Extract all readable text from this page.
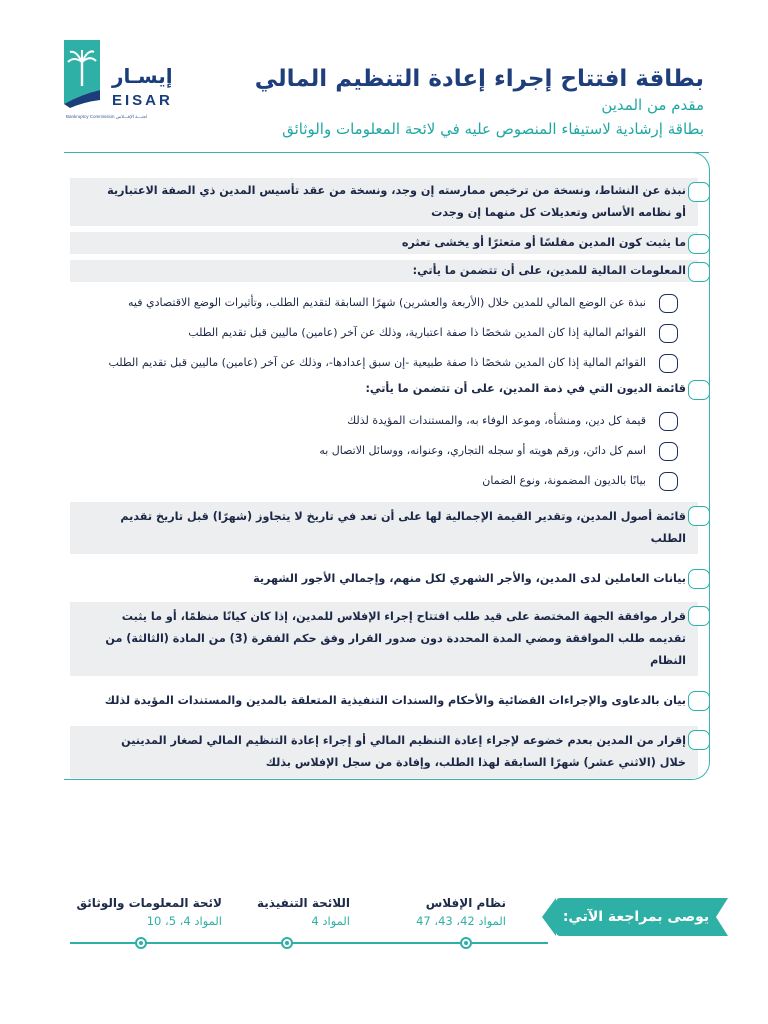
إيسـار
EISAR
Bankruptcy Commission لجنـــة الإفـــلاس
بطاقة افتتاح إجراء إعادة التنظيم المالي
مقدم من المدين
بطاقة إرشادية لاستيفاء المنصوص عليه في لائحة المعلومات والوثائق
نبذة عن النشاط، ونسخة من ترخيص ممارسته إن وجد، ونسخة من عقد تأسيس المدين ذي الصفة الاعتبارية أو نظامه الأساس وتعديلات كل منهما إن وجدت
ما يثبت كون المدين مفلسًا أو متعثرًا أو يخشى تعثره
المعلومات المالية للمدين، على أن تتضمن ما يأتي:
نبذة عن الوضع المالي للمدين خلال (الأربعة والعشرين) شهرًا السابقة لتقديم الطلب، وتأثيرات الوضع الاقتصادي فيه
القوائم المالية إذا كان المدين شخصًا ذا صفة اعتبارية، وذلك عن آخر (عامين) ماليين قبل تقديم الطلب
القوائم المالية إذا كان المدين شخصًا ذا صفة طبيعية -إن سبق إعدادها-، وذلك عن آخر (عامين) ماليين قبل تقديم الطلب
قائمة الديون التي في ذمة المدين، على أن تتضمن ما يأتي:
قيمة كل دين، ومنشأه، وموعد الوفاء به، والمستندات المؤيدة لذلك
اسم كل دائن، ورقم هويته أو سجله التجاري، وعنوانه، ووسائل الاتصال به
بيانًا بالديون المضمونة، ونوع الضمان
قائمة أصول المدين، وتقدير القيمة الإجمالية لها على أن تعد في تاريخ لا يتجاوز (شهرًا) قبل تاريخ تقديم الطلب
بيانات العاملين لدى المدين، والأجر الشهري لكل منهم، وإجمالي الأجور الشهرية
قرار موافقة الجهة المختصة على قيد طلب افتتاح إجراء الإفلاس للمدين، إذا كان كيانًا منظمًا، أو ما يثبت تقديمه طلب الموافقة ومضي المدة المحددة دون صدور القرار وفق حكم الفقرة (3) من المادة (الثالثة) من النظام
بيان بالدعاوى والإجراءات القضائية والأحكام والسندات التنفيذية المتعلقة بالمدين والمستندات المؤيدة لذلك
إقرار من المدين بعدم خضوعه لإجراء إعادة التنظيم المالي أو إجراء إعادة التنظيم المالي لصغار المدينين خلال (الاثني عشر) شهرًا السابقة لهذا الطلب، وإفادة من سجل الإفلاس بذلك
يوصى بمراجعة الآتي:
نظام الإفلاس
المواد 42، 43، 47
اللائحة التنفيذية
المواد 4
لائحة المعلومات والوثائق
المواد 4، 5، 10
